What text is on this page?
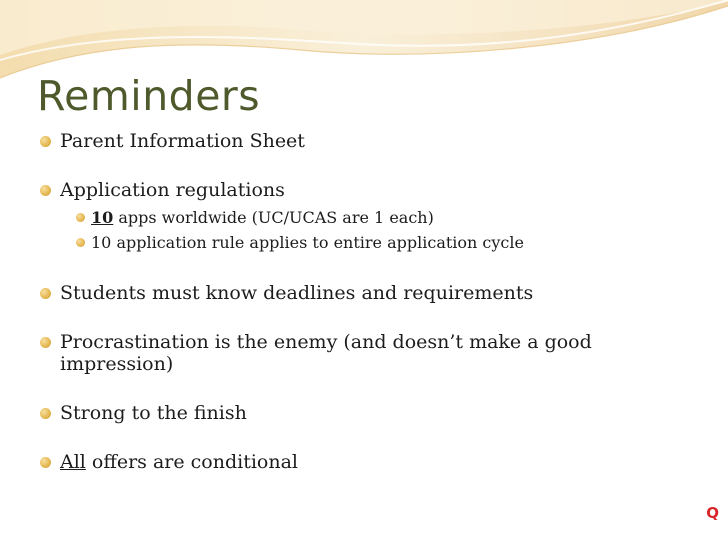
Reminders
Parent Information Sheet
Application regulations
10 apps worldwide (UC/UCAS are 1 each)
10 application rule applies to entire application cycle
Students must know deadlines and requirements
Procrastination is the enemy (and doesn’t make a good impression)
Strong to the finish
All offers are conditional
Q
